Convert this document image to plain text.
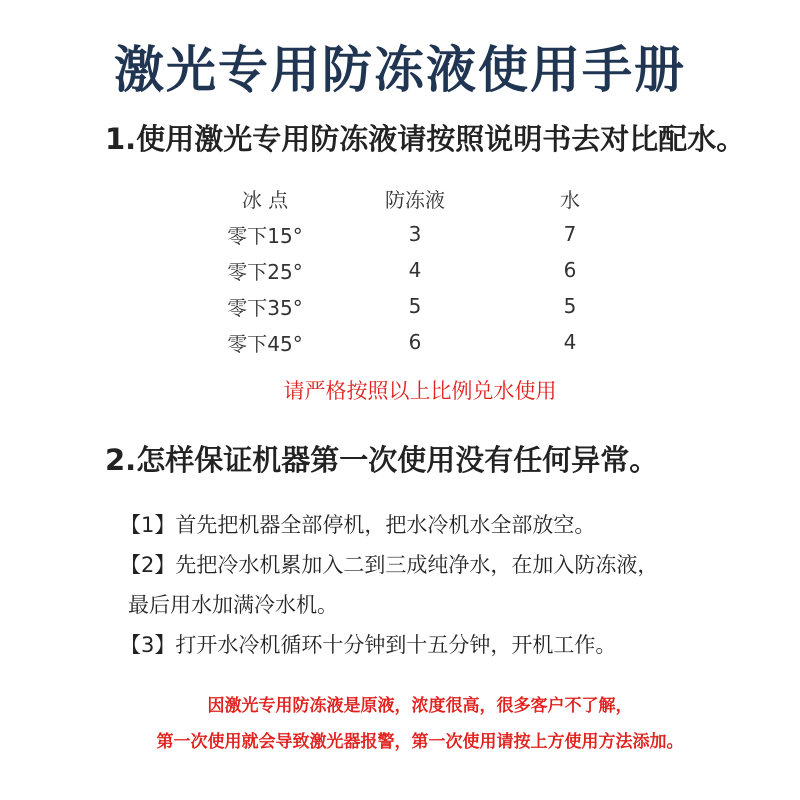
激光专用防冻液使用手册
1.使用激光专用防冻液请按照说明书去对比配水。
冰 点	防冻液	水
零下15°	3	7
零下25°	4	6
零下35°	5	5
零下45°	6	4
请严格按照以上比例兑水使用
2.怎样保证机器第一次使用没有任何异常。

【1】首先把机器全部停机，把水冷机水全部放空。

【2】先把冷水机累加入二到三成纯净水，在加入防冻液，

最后用水加满冷水机。

【3】打开水冷机循环十分钟到十五分钟，开机工作。

因激光专用防冻液是原液，浓度很高，很多客户不了解，
第一次使用就会导致激光器报警，第一次使用请按上方使用方法添加。
